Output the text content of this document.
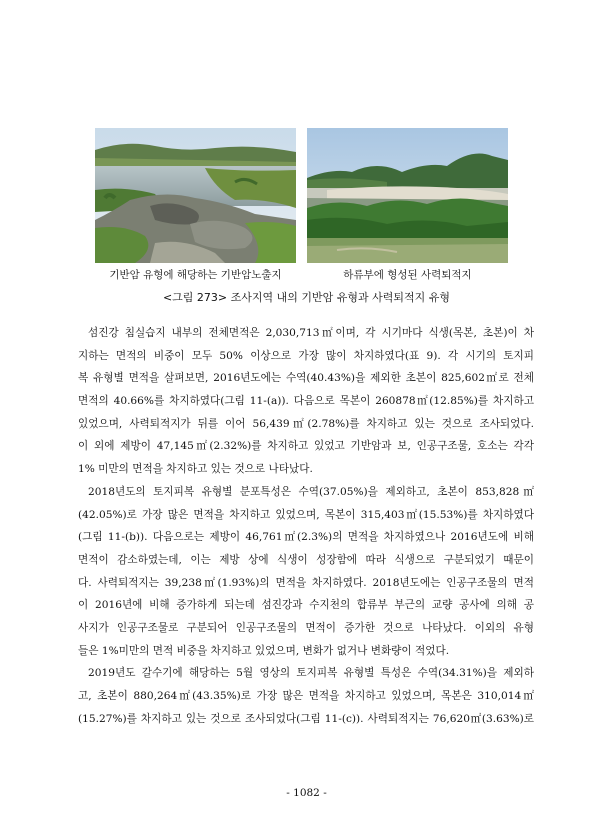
기반암 유형에 해당하는 기반암노출지	하류부에 형성된 사력퇴적지
<그림 273> 조사지역 내의 기반암 유형과 사력퇴적지 유형
섬진강 침실습지 내부의 전체면적은 2,030,713㎡이며, 각 시기마다 식생(목본, 초본)이 차
지하는 면적의 비중이 모두 50% 이상으로 가장 많이 차지하였다(표 9). 각 시기의 토지피
복 유형별 면적을 살펴보면, 2016년도에는 수역(40.43%)을 제외한 초본이 825,602㎡로 전체
면적의 40.66%를 차지하였다(그림 11-(a)). 다음으로 목본이 260878㎡(12.85%)를 차지하고
있었으며, 사력퇴적지가 뒤를 이어 56,439㎡(2.78%)를 차지하고 있는 것으로 조사되었다.
이 외에 제방이 47,145㎡(2.32%)를 차지하고 있었고 기반암과 보, 인공구조물, 호소는 각각
1% 미만의 면적을 차지하고 있는 것으로 나타났다.
2018년도의 토지피복 유형별 분포특성은 수역(37.05%)을 제외하고, 초본이 853,828㎡
(42.05%)로 가장 많은 면적을 차지하고 있었으며, 목본이 315,403㎡(15.53%)를 차지하였다
(그림 11-(b)). 다음으로는 제방이 46,761㎡(2.3%)의 면적을 차지하였으나 2016년도에 비해
면적이 감소하였는데, 이는 제방 상에 식생이 성장함에 따라 식생으로 구분되었기 때문이
다. 사력퇴적지는 39,238㎡(1.93%)의 면적을 차지하였다. 2018년도에는 인공구조물의 면적
이 2016년에 비해 증가하게 되는데 섬진강과 수지천의 합류부 부근의 교량 공사에 의해 공
사지가 인공구조물로 구분되어 인공구조물의 면적이 증가한 것으로 나타났다. 이외의 유형
들은 1%미만의 면적 비중을 차지하고 있었으며, 변화가 없거나 변화량이 적었다.
2019년도 갈수기에 해당하는 5월 영상의 토지피복 유형별 특성은 수역(34.31%)을 제외하
고, 초본이 880,264㎡(43.35%)로 가장 많은 면적을 차지하고 있었으며, 목본은 310,014㎡
(15.27%)를 차지하고 있는 것으로 조사되었다(그림 11-(c)). 사력퇴적지는 76,620㎡(3.63%)로
- 1082 -
